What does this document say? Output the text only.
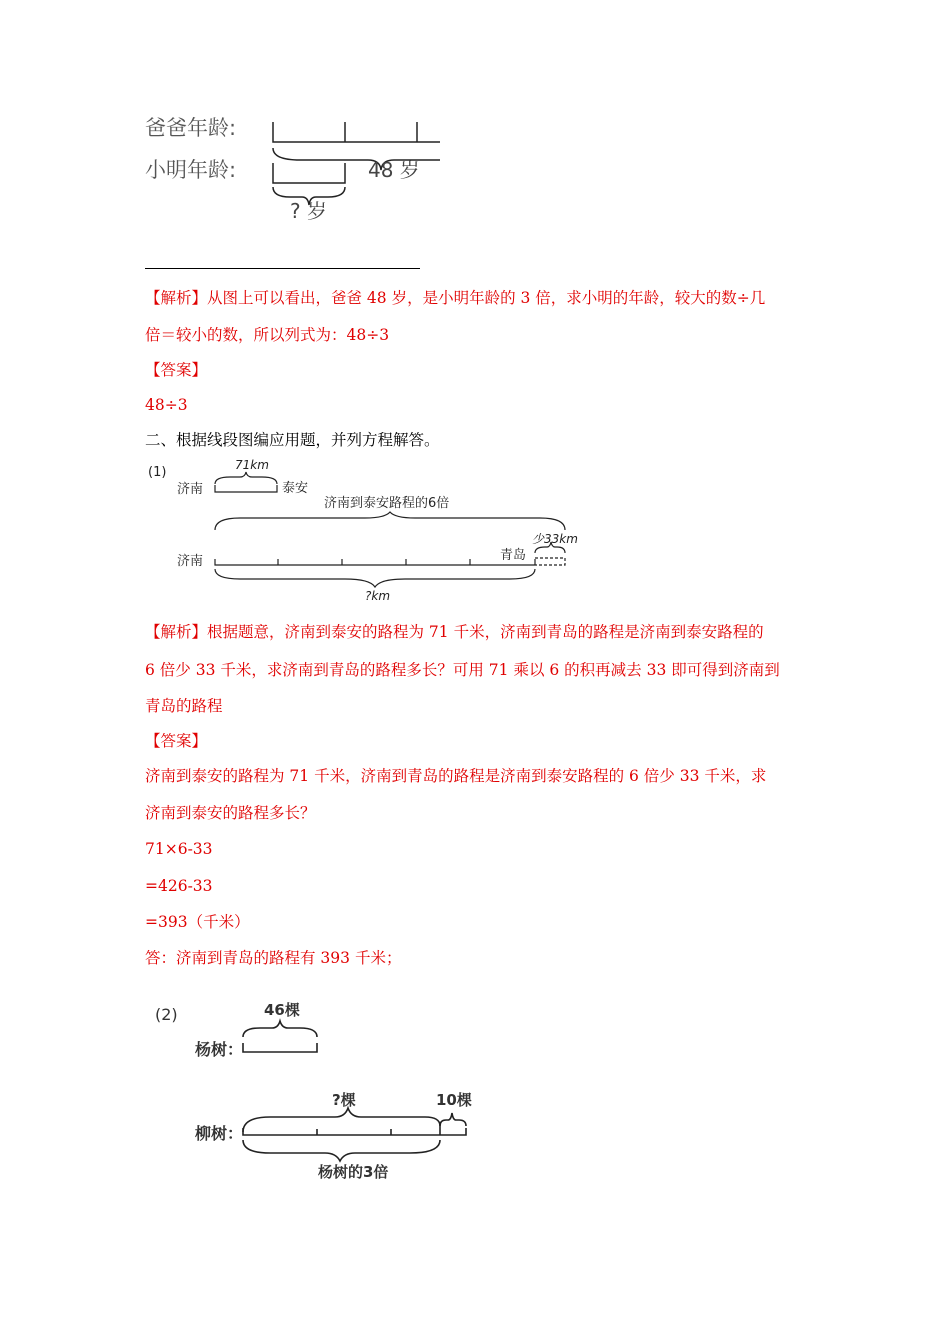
爸爸年龄:
小明年龄:	48 岁
? 岁
【解析】从图上可以看出，爸爸 48 岁，是小明年龄的 3 倍，求小明的年龄，较大的数÷几
倍＝较小的数，所以列式为：48÷3
【答案】
48÷3
二、根据线段图编应用题，并列方程解答。
(1)	71km
济南	泰安
济南到泰安路程的6倍
少33km
济南	青岛
?km
【解析】根据题意，济南到泰安的路程为 71 千米，济南到青岛的路程是济南到泰安路程的
6 倍少 33 千米，求济南到青岛的路程多长？可用 71 乘以 6 的积再减去 33 即可得到济南到
青岛的路程
【答案】
济南到泰安的路程为 71 千米，济南到青岛的路程是济南到泰安路程的 6 倍少 33 千米，求
济南到泰安的路程多长？
71×6-33
=426-33
=393（千米）
答：济南到青岛的路程有 393 千米；
(2)	46棵
杨树：
?棵	10棵
柳树：
杨树的3倍
